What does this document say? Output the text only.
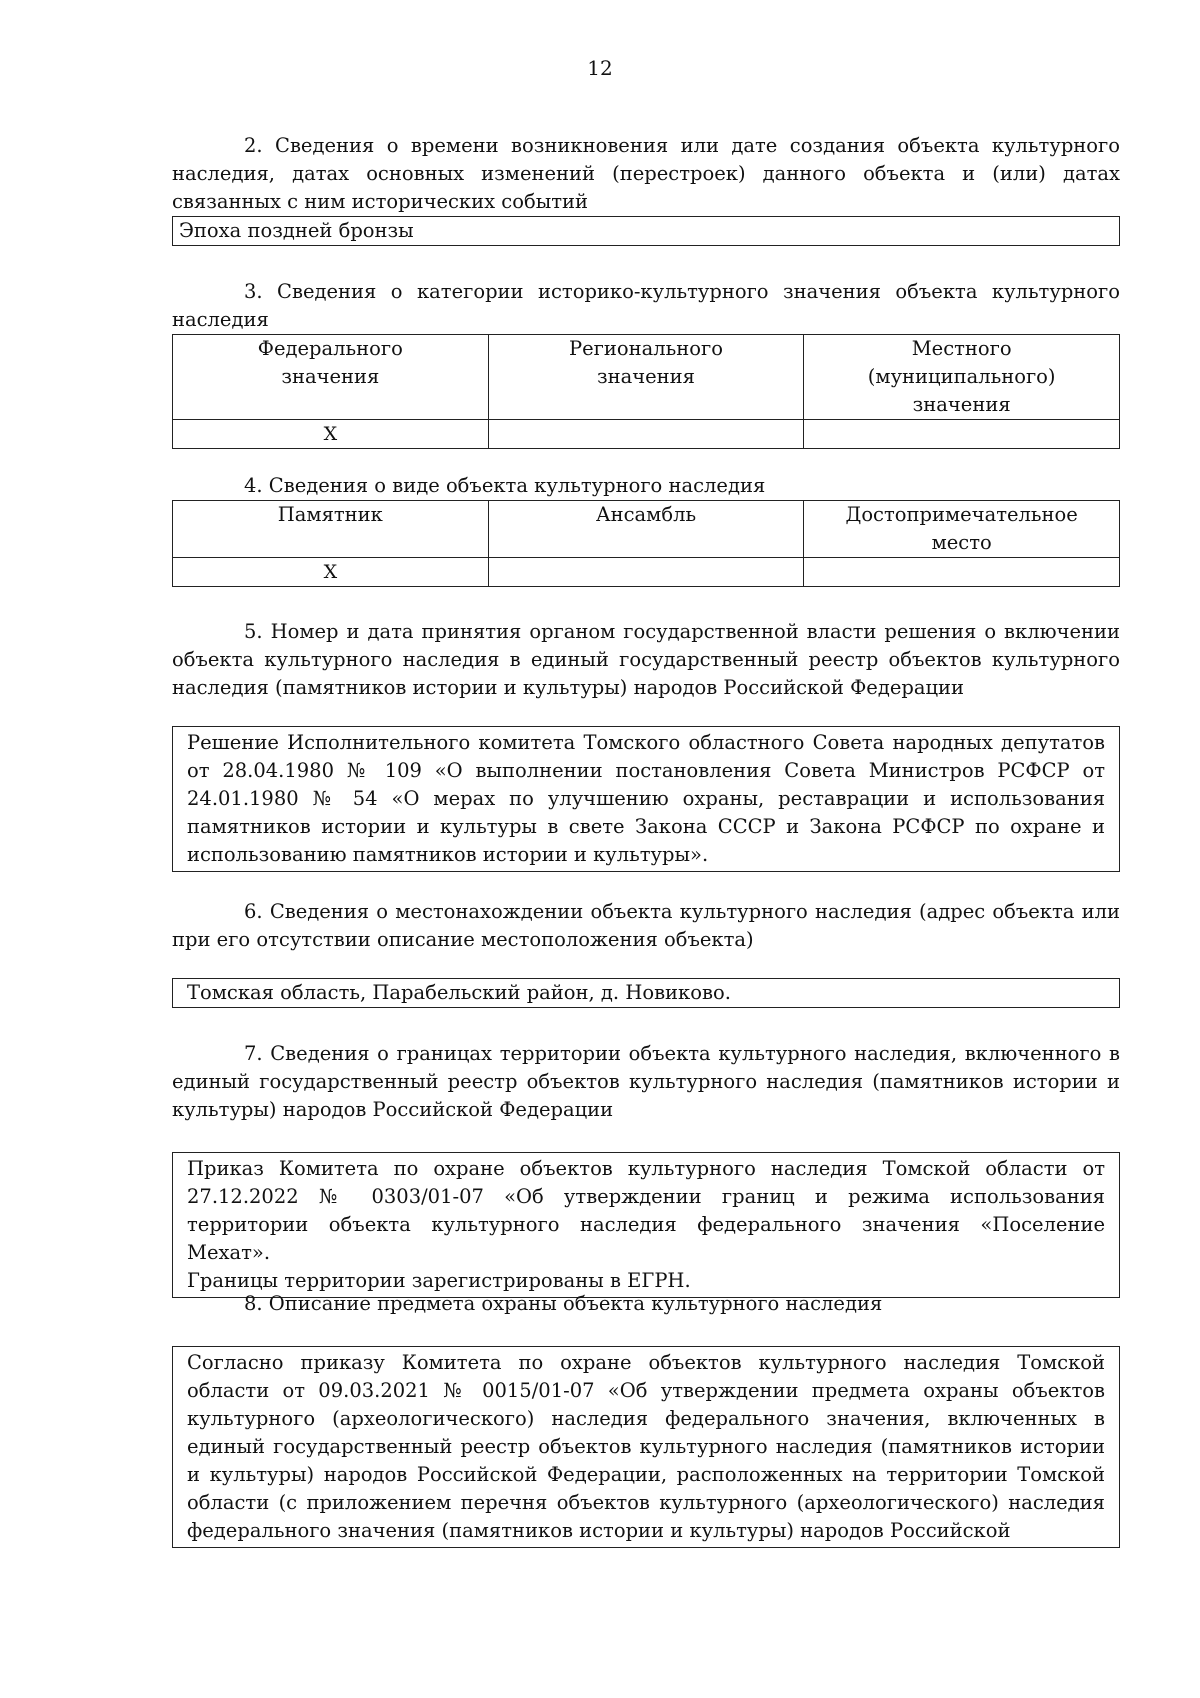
12

2. Сведения о времени возникновения или дате создания объекта культурного наследия, датах основных изменений (перестроек) данного объекта и (или) датах связанных с ним исторических событий

Эпоха поздней бронзы

3. Сведения о категории историко-культурного значения объекта культурного наследия

Федерального значения	Регионального значения	Местного (муниципального) значения

Х		

4. Сведения о виде объекта культурного наследия

Памятник	Ансамбль	Достопримечательное место

Х		

5. Номер и дата принятия органом государственной власти решения о включении объекта культурного наследия в единый государственный реестр объектов культурного наследия (памятников истории и культуры) народов Российской Федерации

Решение Исполнительного комитета Томского областного Совета народных депутатов от 28.04.1980 № 109 «О выполнении постановления Совета Министров РСФСР от 24.01.1980 № 54 «О мерах по улучшению охраны, реставрации и использования памятников истории и культуры в свете Закона СССР и Закона РСФСР по охране и использованию памятников истории и культуры».

6. Сведения о местонахождении объекта культурного наследия (адрес объекта или при его отсутствии описание местоположения объекта)

Томская область, Парабельский район, д. Новиково.

7. Сведения о границах территории объекта культурного наследия, включенного в единый государственный реестр объектов культурного наследия (памятников истории и культуры) народов Российской Федерации

Приказ Комитета по охране объектов культурного наследия Томской области от 27.12.2022 № 0303/01-07 «Об утверждении границ и режима использования территории объекта культурного наследия федерального значения «Поселение Мехат».
Границы территории зарегистрированы в ЕГРН.

8. Описание предмета охраны объекта культурного наследия

Согласно приказу Комитета по охране объектов культурного наследия Томской области от 09.03.2021 № 0015/01-07 «Об утверждении предмета охраны объектов культурного (археологического) наследия федерального значения, включенных в единый государственный реестр объектов культурного наследия (памятников истории и культуры) народов Российской Федерации, расположенных на территории Томской области (с приложением перечня объектов культурного (археологического) наследия федерального значения (памятников истории и культуры) народов Российской
